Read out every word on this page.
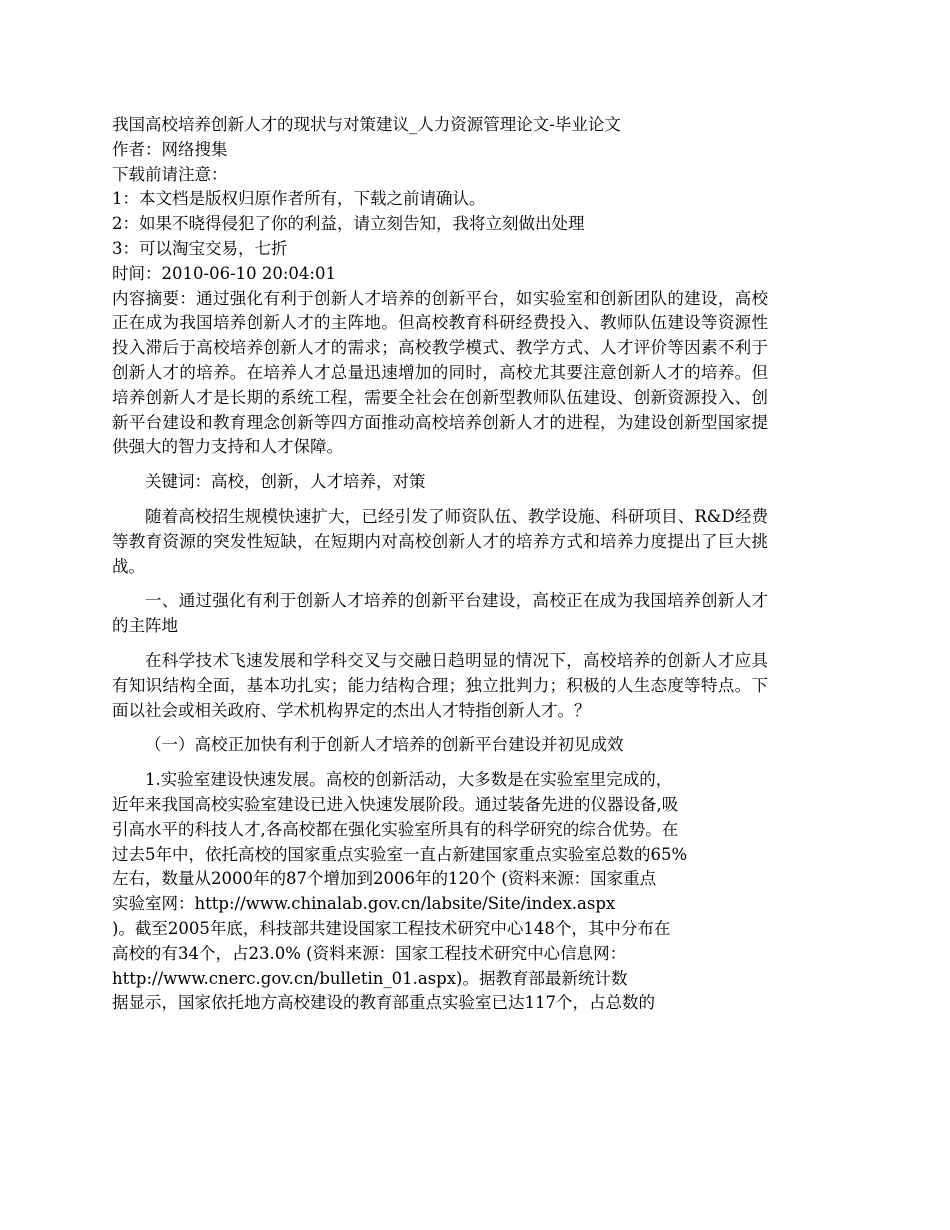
我国高校培养创新人才的现状与对策建议_人力资源管理论文-毕业论文

作者：网络搜集

下载前请注意：

1：本文档是版权归原作者所有，下载之前请确认。

2：如果不晓得侵犯了你的利益，请立刻告知，我将立刻做出处理

3：可以淘宝交易，七折

时间：2010-06-10 20:04:01

内容摘要：通过强化有利于创新人才培养的创新平台，如实验室和创新团队的建设，高校正在成为我国培养创新人才的主阵地。但高校教育科研经费投入、教师队伍建设等资源性投入滞后于高校培养创新人才的需求；高校教学模式、教学方式、人才评价等因素不利于创新人才的培养。在培养人才总量迅速增加的同时，高校尤其要注意创新人才的培养。但培养创新人才是长期的系统工程，需要全社会在创新型教师队伍建设、创新资源投入、创新平台建设和教育理念创新等四方面推动高校培养创新人才的进程，为建设创新型国家提供强大的智力支持和人才保障。

关键词：高校，创新，人才培养，对策

随着高校招生规模快速扩大，已经引发了师资队伍、教学设施、科研项目、R&D经费等教育资源的突发性短缺，在短期内对高校创新人才的培养方式和培养力度提出了巨大挑战。

一、通过强化有利于创新人才培养的创新平台建设，高校正在成为我国培养创新人才的主阵地

在科学技术飞速发展和学科交叉与交融日趋明显的情况下，高校培养的创新人才应具有知识结构全面，基本功扎实；能力结构合理；独立批判力；积极的人生态度等特点。下面以社会或相关政府、学术机构界定的杰出人才特指创新人才。？

（一）高校正加快有利于创新人才培养的创新平台建设并初见成效

1.实验室建设快速发展。高校的创新活动，大多数是在实验室里完成的，

近年来我国高校实验室建设已进入快速发展阶段。通过装备先进的仪器设备,吸

引高水平的科技人才,各高校都在强化实验室所具有的科学研究的综合优势。在

过去5年中，依托高校的国家重点实验室一直占新建国家重点实验室总数的65%

左右，数量从2000年的87个增加到2006年的120个 (资料来源：国家重点

实验室网：http://www.chinalab.gov.cn/labsite/Site/index.aspx

)。截至2005年底，科技部共建设国家工程技术研究中心148个，其中分布在

高校的有34个，占23.0% (资料来源：国家工程技术研究中心信息网：

http://www.cnerc.gov.cn/bulletin_01.aspx)。据教育部最新统计数

据显示，国家依托地方高校建设的教育部重点实验室已达117个，占总数的
